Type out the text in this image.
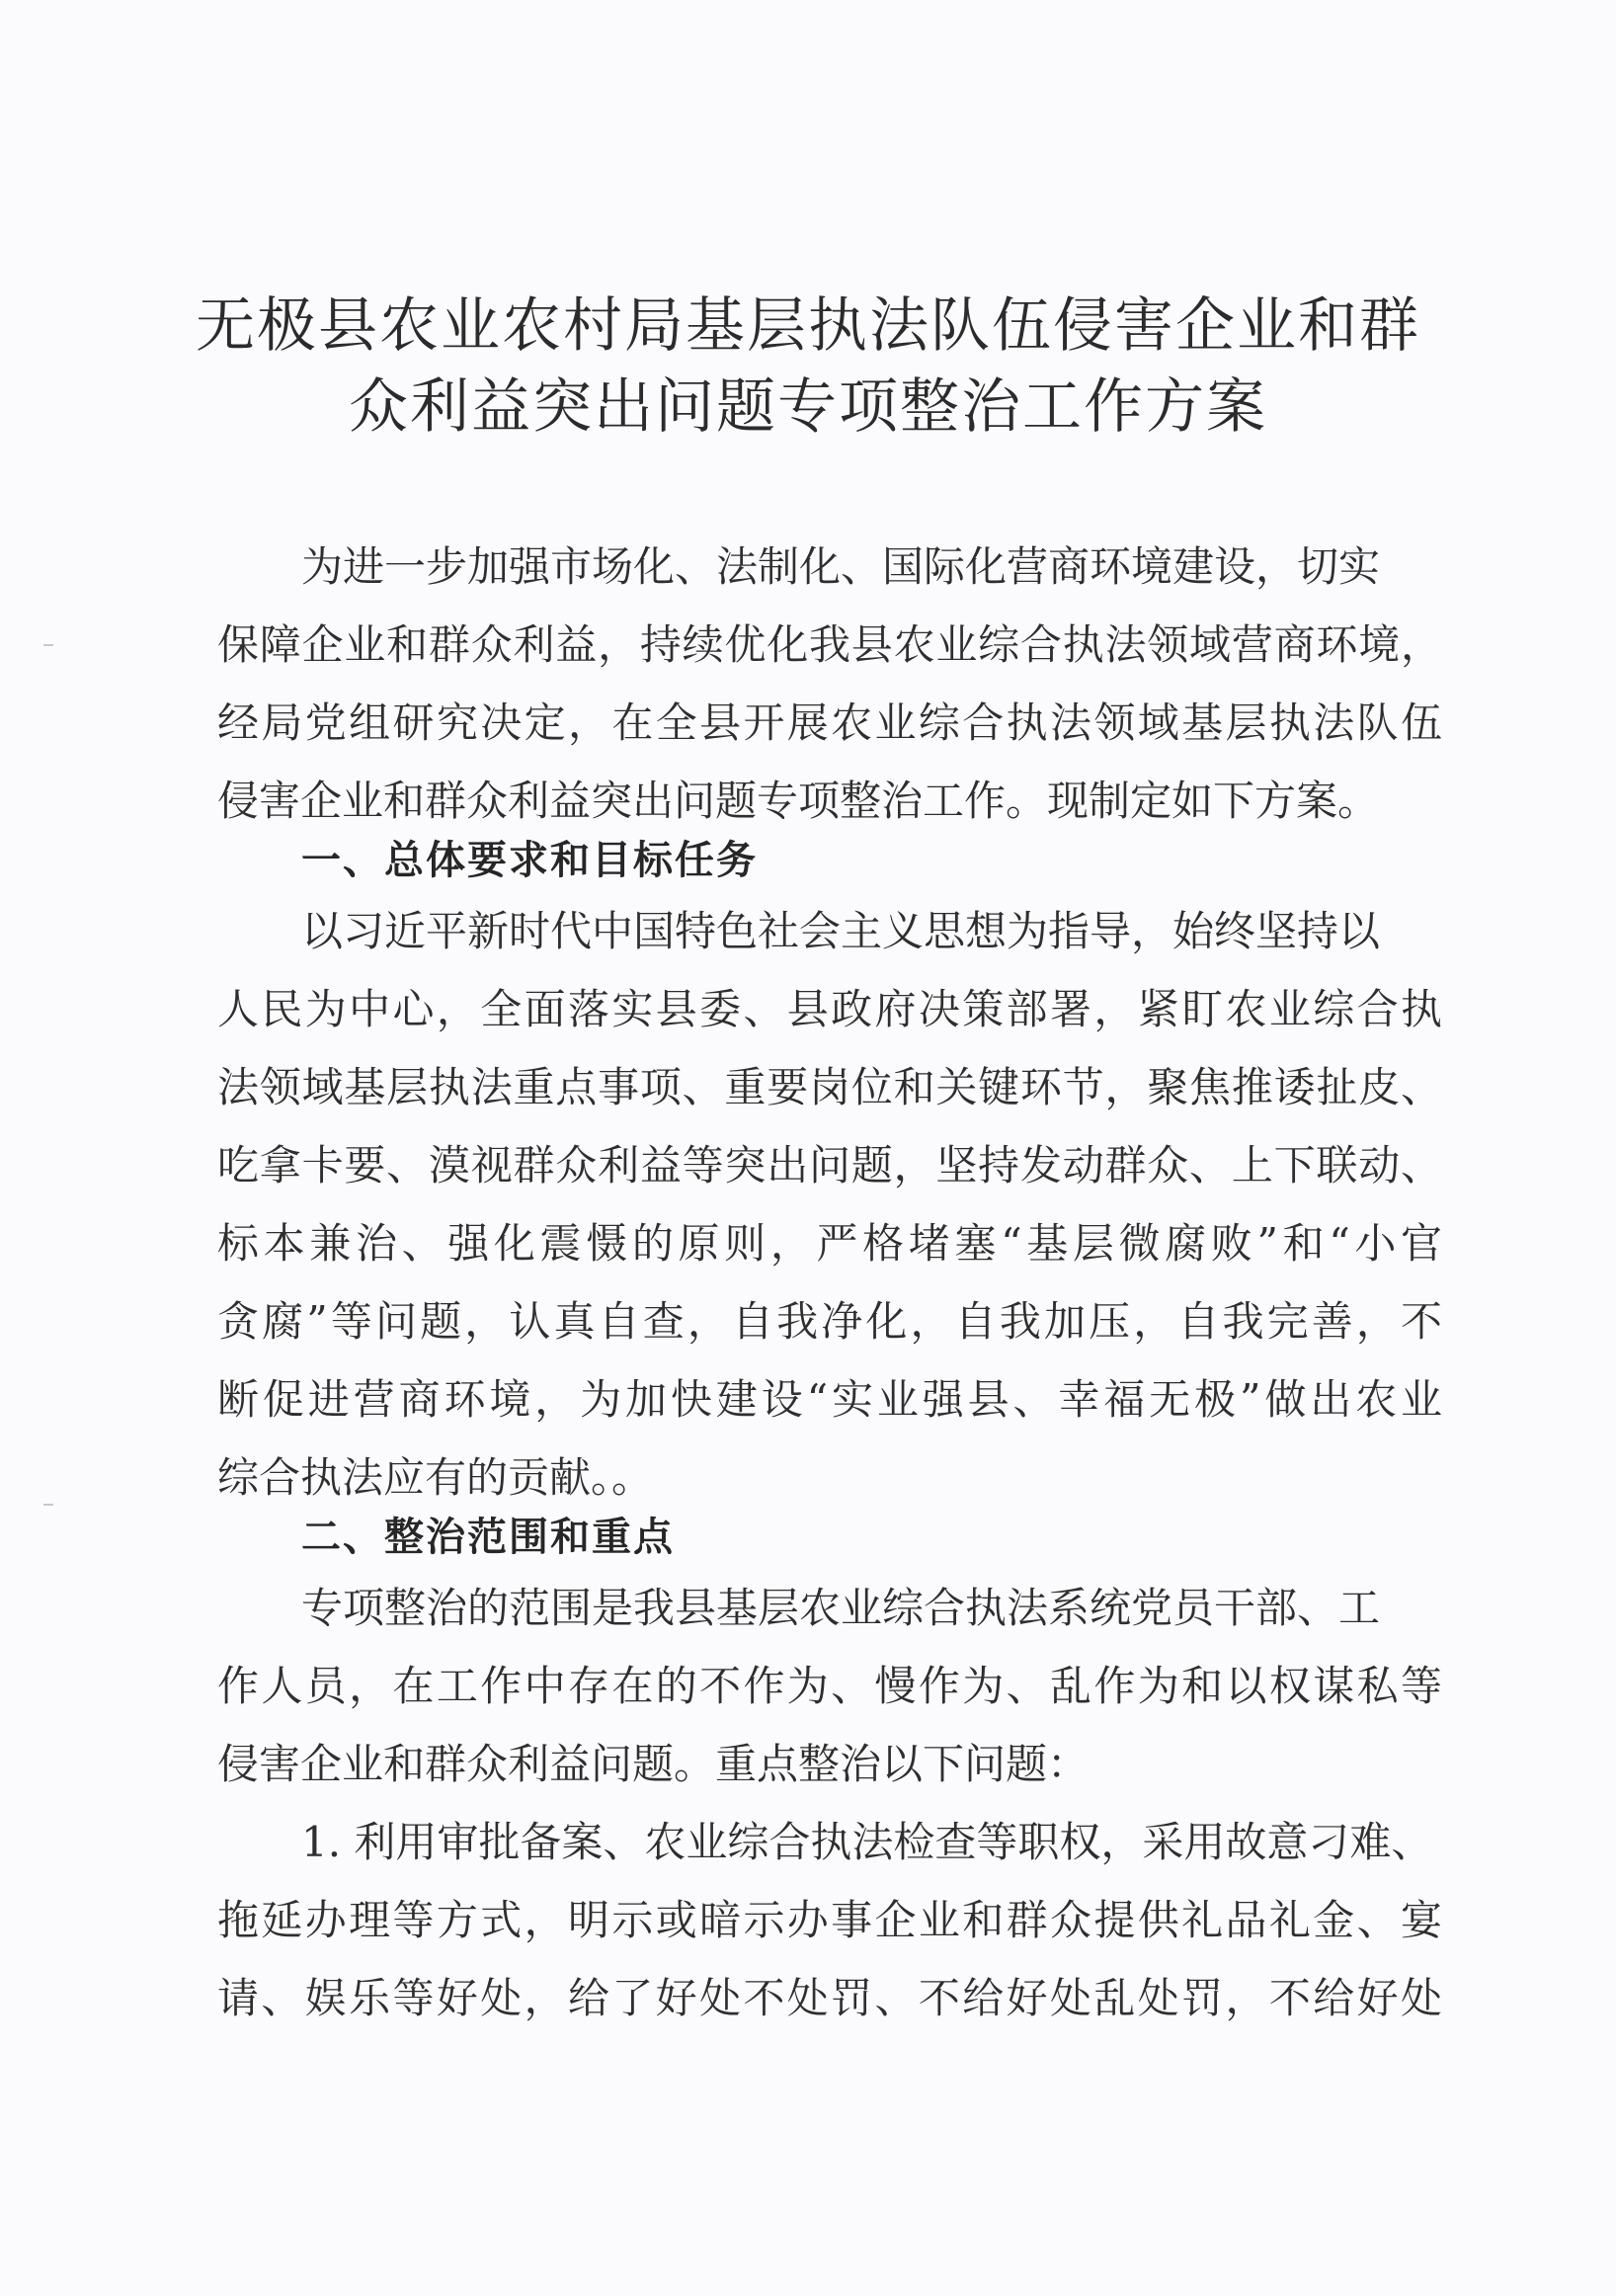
无极县农业农村局基层执法队伍侵害企业和群
众利益突出问题专项整治工作方案
为进一步加强市场化、法制化、国际化营商环境建设，切实
保障企业和群众利益，持续优化我县农业综合执法领域营商环境，
经局党组研究决定，在全县开展农业综合执法领域基层执法队伍
侵害企业和群众利益突出问题专项整治工作。现制定如下方案。
一、总体要求和目标任务
以习近平新时代中国特色社会主义思想为指导，始终坚持以
人民为中心，全面落实县委、县政府决策部署，紧盯农业综合执
法领域基层执法重点事项、重要岗位和关键环节，聚焦推诿扯皮、
吃拿卡要、漠视群众利益等突出问题，坚持发动群众、上下联动、
标本兼治、强化震慑的原则，严格堵塞“基层微腐败”和“小官
贪腐”等问题，认真自查，自我净化，自我加压，自我完善，不
断促进营商环境，为加快建设“实业强县、幸福无极”做出农业
综合执法应有的贡献。。
二、整治范围和重点
专项整治的范围是我县基层农业综合执法系统党员干部、工
作人员，在工作中存在的不作为、慢作为、乱作为和以权谋私等
侵害企业和群众利益问题。重点整治以下问题：
1. 利用审批备案、农业综合执法检查等职权，采用故意刁难、
拖延办理等方式，明示或暗示办事企业和群众提供礼品礼金、宴
请、娱乐等好处，给了好处不处罚、不给好处乱处罚，不给好处
